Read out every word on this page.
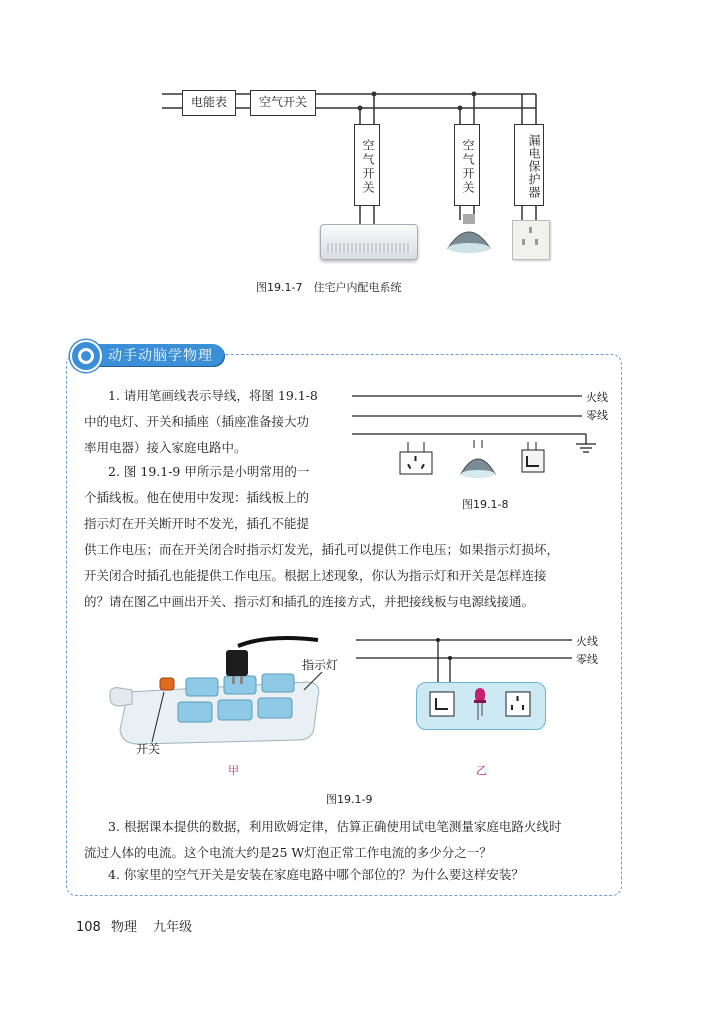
电能表	空气开关
空气开关	空气开关	漏电保护器
图19.1-7　住宅户内配电系统
动手动脑学物理
1. 请用笔画线表示导线，将图 19.1-8
中的电灯、开关和插座（插座准备接大功
率用电器）接入家庭电路中。
2. 图 19.1-9 甲所示是小明常用的一
个插线板。他在使用中发现：插线板上的
指示灯在开关断开时不发光，插孔不能提
火线
零线
图19.1-8
供工作电压；而在开关闭合时指示灯发光，插孔可以提供工作电压；如果指示灯损坏，
开关闭合时插孔也能提供工作电压。根据上述现象，你认为指示灯和开关是怎样连接
的？请在图乙中画出开关、指示灯和插孔的连接方式，并把接线板与电源线接通。
指示灯
开关
甲
火线
零线
乙
图19.1-9
3. 根据课本提供的数据，利用欧姆定律，估算正确使用试电笔测量家庭电路火线时
流过人体的电流。这个电流大约是25 W灯泡正常工作电流的多少分之一？
4. 你家里的空气开关是安装在家庭电路中哪个部位的？为什么要这样安装？
108 物理 九年级
